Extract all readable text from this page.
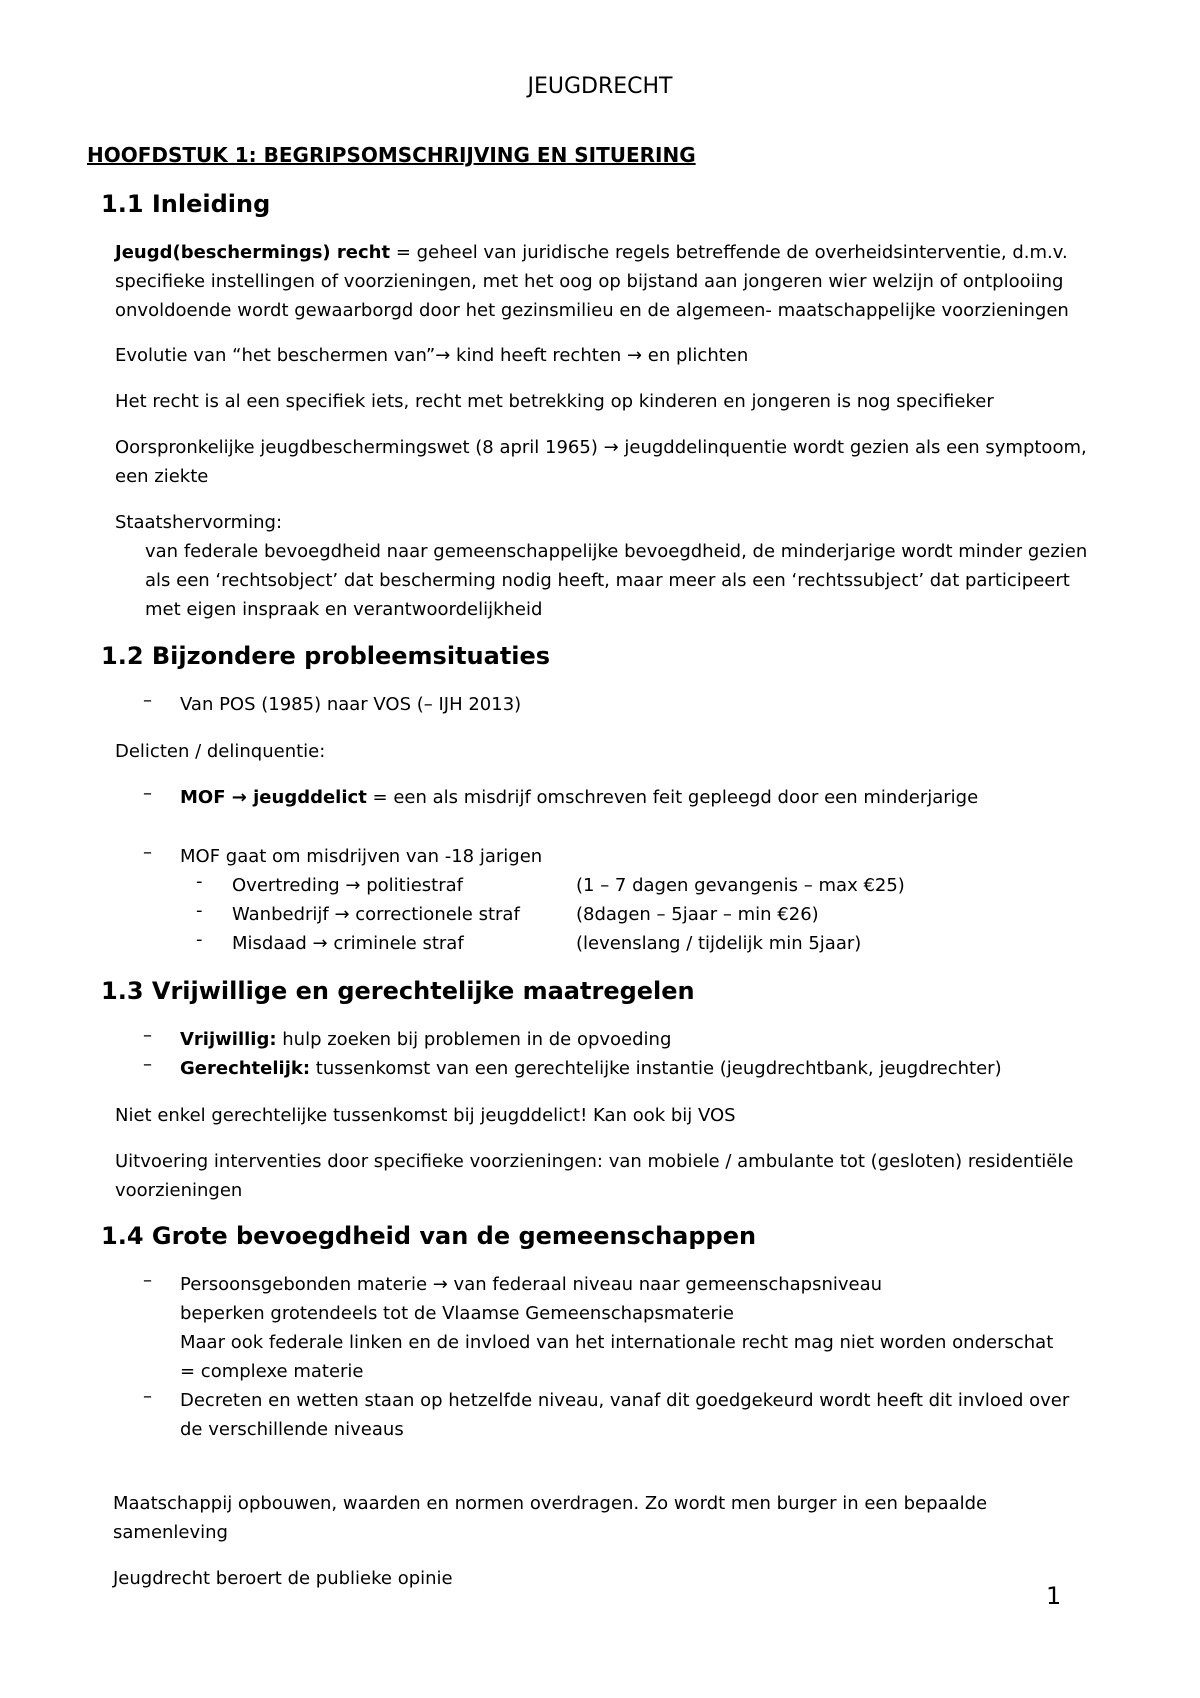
JEUGDRECHT
HOOFDSTUK 1: BEGRIPSOMSCHRIJVING EN SITUERING
1.1 Inleiding
Jeugd(beschermings) recht = geheel van juridische regels betreffende de overheidsinterventie, d.m.v.
specifieke instellingen of voorzieningen, met het oog op bijstand aan jongeren wier welzijn of ontplooiing
onvoldoende wordt gewaarborgd door het gezinsmilieu en de algemeen- maatschappelijke voorzieningen
Evolutie van “het beschermen van”→ kind heeft rechten → en plichten
Het recht is al een specifiek iets, recht met betrekking op kinderen en jongeren is nog specifieker
Oorspronkelijke jeugdbeschermingswet (8 april 1965) → jeugddelinquentie wordt gezien als een symptoom,
een ziekte
Staatshervorming:
van federale bevoegdheid naar gemeenschappelijke bevoegdheid, de minderjarige wordt minder gezien
als een ‘rechtsobject’ dat bescherming nodig heeft, maar meer als een ‘rechtssubject’ dat participeert
met eigen inspraak en verantwoordelijkheid
1.2 Bijzondere probleemsituaties
– Van POS (1985) naar VOS (– IJH 2013)
Delicten / delinquentie:
– MOF → jeugddelict = een als misdrijf omschreven feit gepleegd door een minderjarige
– MOF gaat om misdrijven van -18 jarigen
- Overtreding → politiestraf	(1 – 7 dagen gevangenis – max €25)
- Wanbedrijf → correctionele straf	(8dagen – 5jaar – min €26)
- Misdaad → criminele straf	(levenslang / tijdelijk min 5jaar)
1.3 Vrijwillige en gerechtelijke maatregelen
– Vrijwillig: hulp zoeken bij problemen in de opvoeding
– Gerechtelijk: tussenkomst van een gerechtelijke instantie (jeugdrechtbank, jeugdrechter)
Niet enkel gerechtelijke tussenkomst bij jeugddelict! Kan ook bij VOS
Uitvoering interventies door specifieke voorzieningen: van mobiele / ambulante tot (gesloten) residentiële
voorzieningen
1.4 Grote bevoegdheid van de gemeenschappen
– Persoonsgebonden materie → van federaal niveau naar gemeenschapsniveau
beperken grotendeels tot de Vlaamse Gemeenschapsmaterie
Maar ook federale linken en de invloed van het internationale recht mag niet worden onderschat
= complexe materie
– Decreten en wetten staan op hetzelfde niveau, vanaf dit goedgekeurd wordt heeft dit invloed over
de verschillende niveaus
Maatschappij opbouwen, waarden en normen overdragen. Zo wordt men burger in een bepaalde
samenleving
Jeugdrecht beroert de publieke opinie
1
